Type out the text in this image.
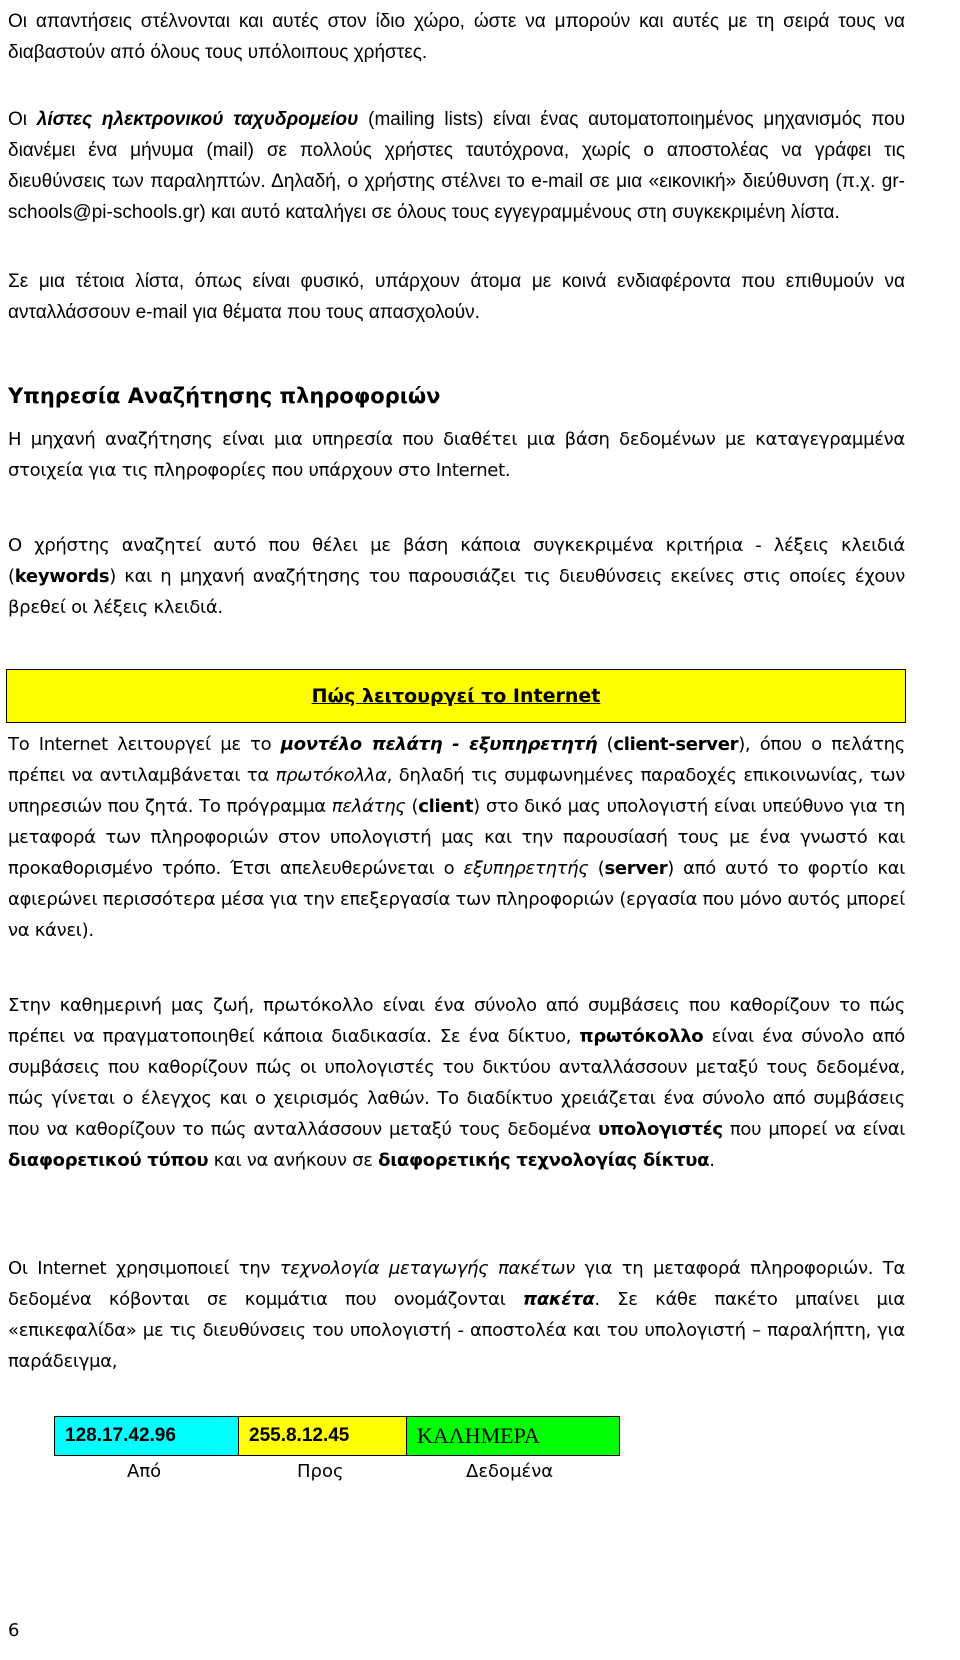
Οι απαντήσεις στέλνονται και αυτές στον ίδιο χώρο, ώστε να μπορούν και αυτές με τη σειρά τους να διαβαστούν από όλους τους υπόλοιπους χρήστες.

Οι λίστες ηλεκτρονικού ταχυδρομείου (mailing lists) είναι ένας αυτοματοποιημένος μηχανισμός που διανέμει ένα μήνυμα (mail) σε πολλούς χρήστες ταυτόχρονα, χωρίς ο αποστολέας να γράφει τις διευθύνσεις των παραληπτών. Δηλαδή, ο χρήστης στέλνει το e-mail σε μια «εικονική» διεύθυνση (π.χ. gr-schools@pi-schools.gr) και αυτό καταλήγει σε όλους τους εγγεγραμμένους στη συγκεκριμένη λίστα.

Σε μια τέτοια λίστα, όπως είναι φυσικό, υπάρχουν άτομα με κοινά ενδιαφέροντα που επιθυμούν να ανταλλάσσουν e-mail για θέματα που τους απασχολούν.

Υπηρεσία Αναζήτησης πληροφοριών

Η μηχανή αναζήτησης είναι μια υπηρεσία που διαθέτει μια βάση δεδομένων με καταγεγραμμένα στοιχεία για τις πληροφορίες που υπάρχουν στο Internet.

Ο χρήστης αναζητεί αυτό που θέλει με βάση κάποια συγκεκριμένα κριτήρια - λέξεις κλειδιά (keywords) και η μηχανή αναζήτησης του παρουσιάζει τις διευθύνσεις εκείνες στις οποίες έχουν βρεθεί οι λέξεις κλειδιά.

Πώς λειτουργεί το Internet

Το Internet λειτουργεί με το μοντέλο πελάτη - εξυπηρετητή (client-server), όπου ο πελάτης πρέπει να αντιλαμβάνεται τα πρωτόκολλα, δηλαδή τις συμφωνημένες παραδοχές επικοινωνίας, των υπηρεσιών που ζητά. Το πρόγραμμα πελάτης (client) στο δικό μας υπολογιστή είναι υπεύθυνο για τη μεταφορά των πληροφοριών στον υπολογιστή μας και την παρουσίασή τους με ένα γνωστό και προκαθορισμένο τρόπο. Έτσι απελευθερώνεται ο εξυπηρετητής (server) από αυτό το φορτίο και αφιερώνει περισσότερα μέσα για την επεξεργασία των πληροφοριών (εργασία που μόνο αυτός μπορεί να κάνει).

Στην καθημερινή μας ζωή, πρωτόκολλο είναι ένα σύνολο από συμβάσεις που καθορίζουν το πώς πρέπει να πραγματοποιηθεί κάποια διαδικασία. Σε ένα δίκτυο, πρωτόκολλο είναι ένα σύνολο από συμβάσεις που καθορίζουν πώς οι υπολογιστές του δικτύου ανταλλάσσουν μεταξύ τους δεδομένα, πώς γίνεται ο έλεγχος και ο χειρισμός λαθών. Το διαδίκτυο χρειάζεται ένα σύνολο από συμβάσεις που να καθορίζουν το πώς ανταλλάσσουν μεταξύ τους δεδομένα υπολογιστές που μπορεί να είναι διαφορετικού τύπου και να ανήκουν σε διαφορετικής τεχνολογίας δίκτυα.

Οι Internet χρησιμοποιεί την τεχνολογία μεταγωγής πακέτων για τη μεταφορά πληροφοριών. Τα δεδομένα κόβονται σε κομμάτια που ονομάζονται πακέτα. Σε κάθε πακέτο μπαίνει μια «επικεφαλίδα» με τις διευθύνσεις του υπολογιστή - αποστολέα και του υπολογιστή – παραλήπτη, για παράδειγμα,

128.17.42.96	255.8.12.45	ΚΑΛΗΜΕΡΑ
Από	Προς	Δεδομένα
6
